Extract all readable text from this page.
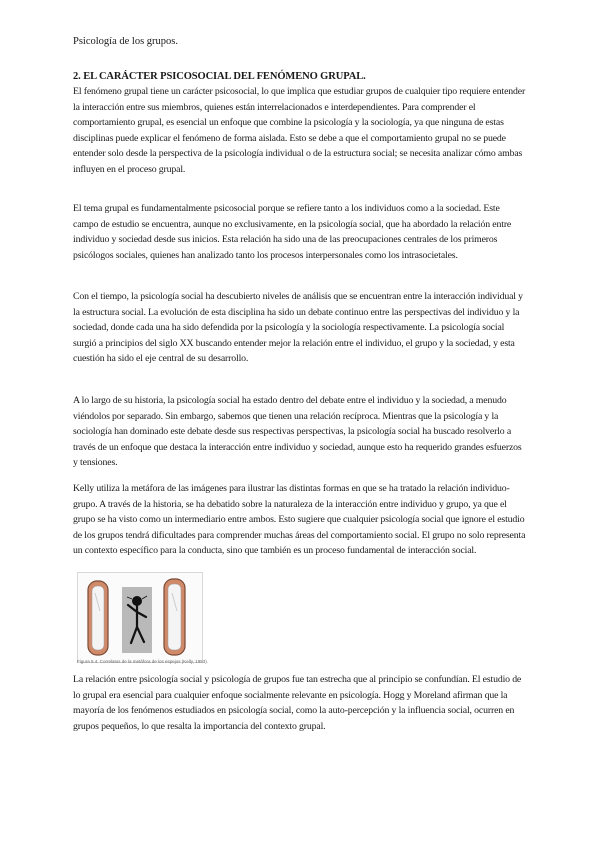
Psicología de los grupos.
2. EL CARÁCTER PSICOSOCIAL DEL FENÓMENO GRUPAL.
El fenómeno grupal tiene un carácter psicosocial, lo que implica que estudiar grupos de cualquier tipo requiere entender la interacción entre sus miembros, quienes están interrelacionados e interdependientes. Para comprender el comportamiento grupal, es esencial un enfoque que combine la psicología y la sociología, ya que ninguna de estas disciplinas puede explicar el fenómeno de forma aislada. Esto se debe a que el comportamiento grupal no se puede entender solo desde la perspectiva de la psicología individual o de la estructura social; se necesita analizar cómo ambas influyen en el proceso grupal.
El tema grupal es fundamentalmente psicosocial porque se refiere tanto a los individuos como a la sociedad. Este campo de estudio se encuentra, aunque no exclusivamente, en la psicología social, que ha abordado la relación entre individuo y sociedad desde sus inicios. Esta relación ha sido una de las preocupaciones centrales de los primeros psicólogos sociales, quienes han analizado tanto los procesos interpersonales como los intrasocietales.
Con el tiempo, la psicología social ha descubierto niveles de análisis que se encuentran entre la interacción individual y la estructura social. La evolución de esta disciplina ha sido un debate continuo entre las perspectivas del individuo y la sociedad, donde cada una ha sido defendida por la psicología y la sociología respectivamente. La psicología social surgió a principios del siglo XX buscando entender mejor la relación entre el individuo, el grupo y la sociedad, y esta cuestión ha sido el eje central de su desarrollo.
A lo largo de su historia, la psicología social ha estado dentro del debate entre el individuo y la sociedad, a menudo viéndolos por separado. Sin embargo, sabemos que tienen una relación recíproca. Mientras que la psicología y la sociología han dominado este debate desde sus respectivas perspectivas, la psicología social ha buscado resolverlo a través de un enfoque que destaca la interacción entre individuo y sociedad, aunque esto ha requerido grandes esfuerzos y tensiones.
Kelly utiliza la metáfora de las imágenes para ilustrar las distintas formas en que se ha tratado la relación individuo-grupo. A través de la historia, se ha debatido sobre la naturaleza de la interacción entre individuo y grupo, ya que el grupo se ha visto como un intermediario entre ambos. Esto sugiere que cualquier psicología social que ignore el estudio de los grupos tendrá dificultades para comprender muchas áreas del comportamiento social. El grupo no solo representa un contexto específico para la conducta, sino que también es un proceso fundamental de interacción social.
Figura 5.4. Correlatos de la metáfora de los espejos (Kelly, 1953).
La relación entre psicología social y psicología de grupos fue tan estrecha que al principio se confundían. El estudio de lo grupal era esencial para cualquier enfoque socialmente relevante en psicología. Hogg y Moreland afirman que la mayoría de los fenómenos estudiados en psicología social, como la auto-percepción y la influencia social, ocurren en grupos pequeños, lo que resalta la importancia del contexto grupal.
